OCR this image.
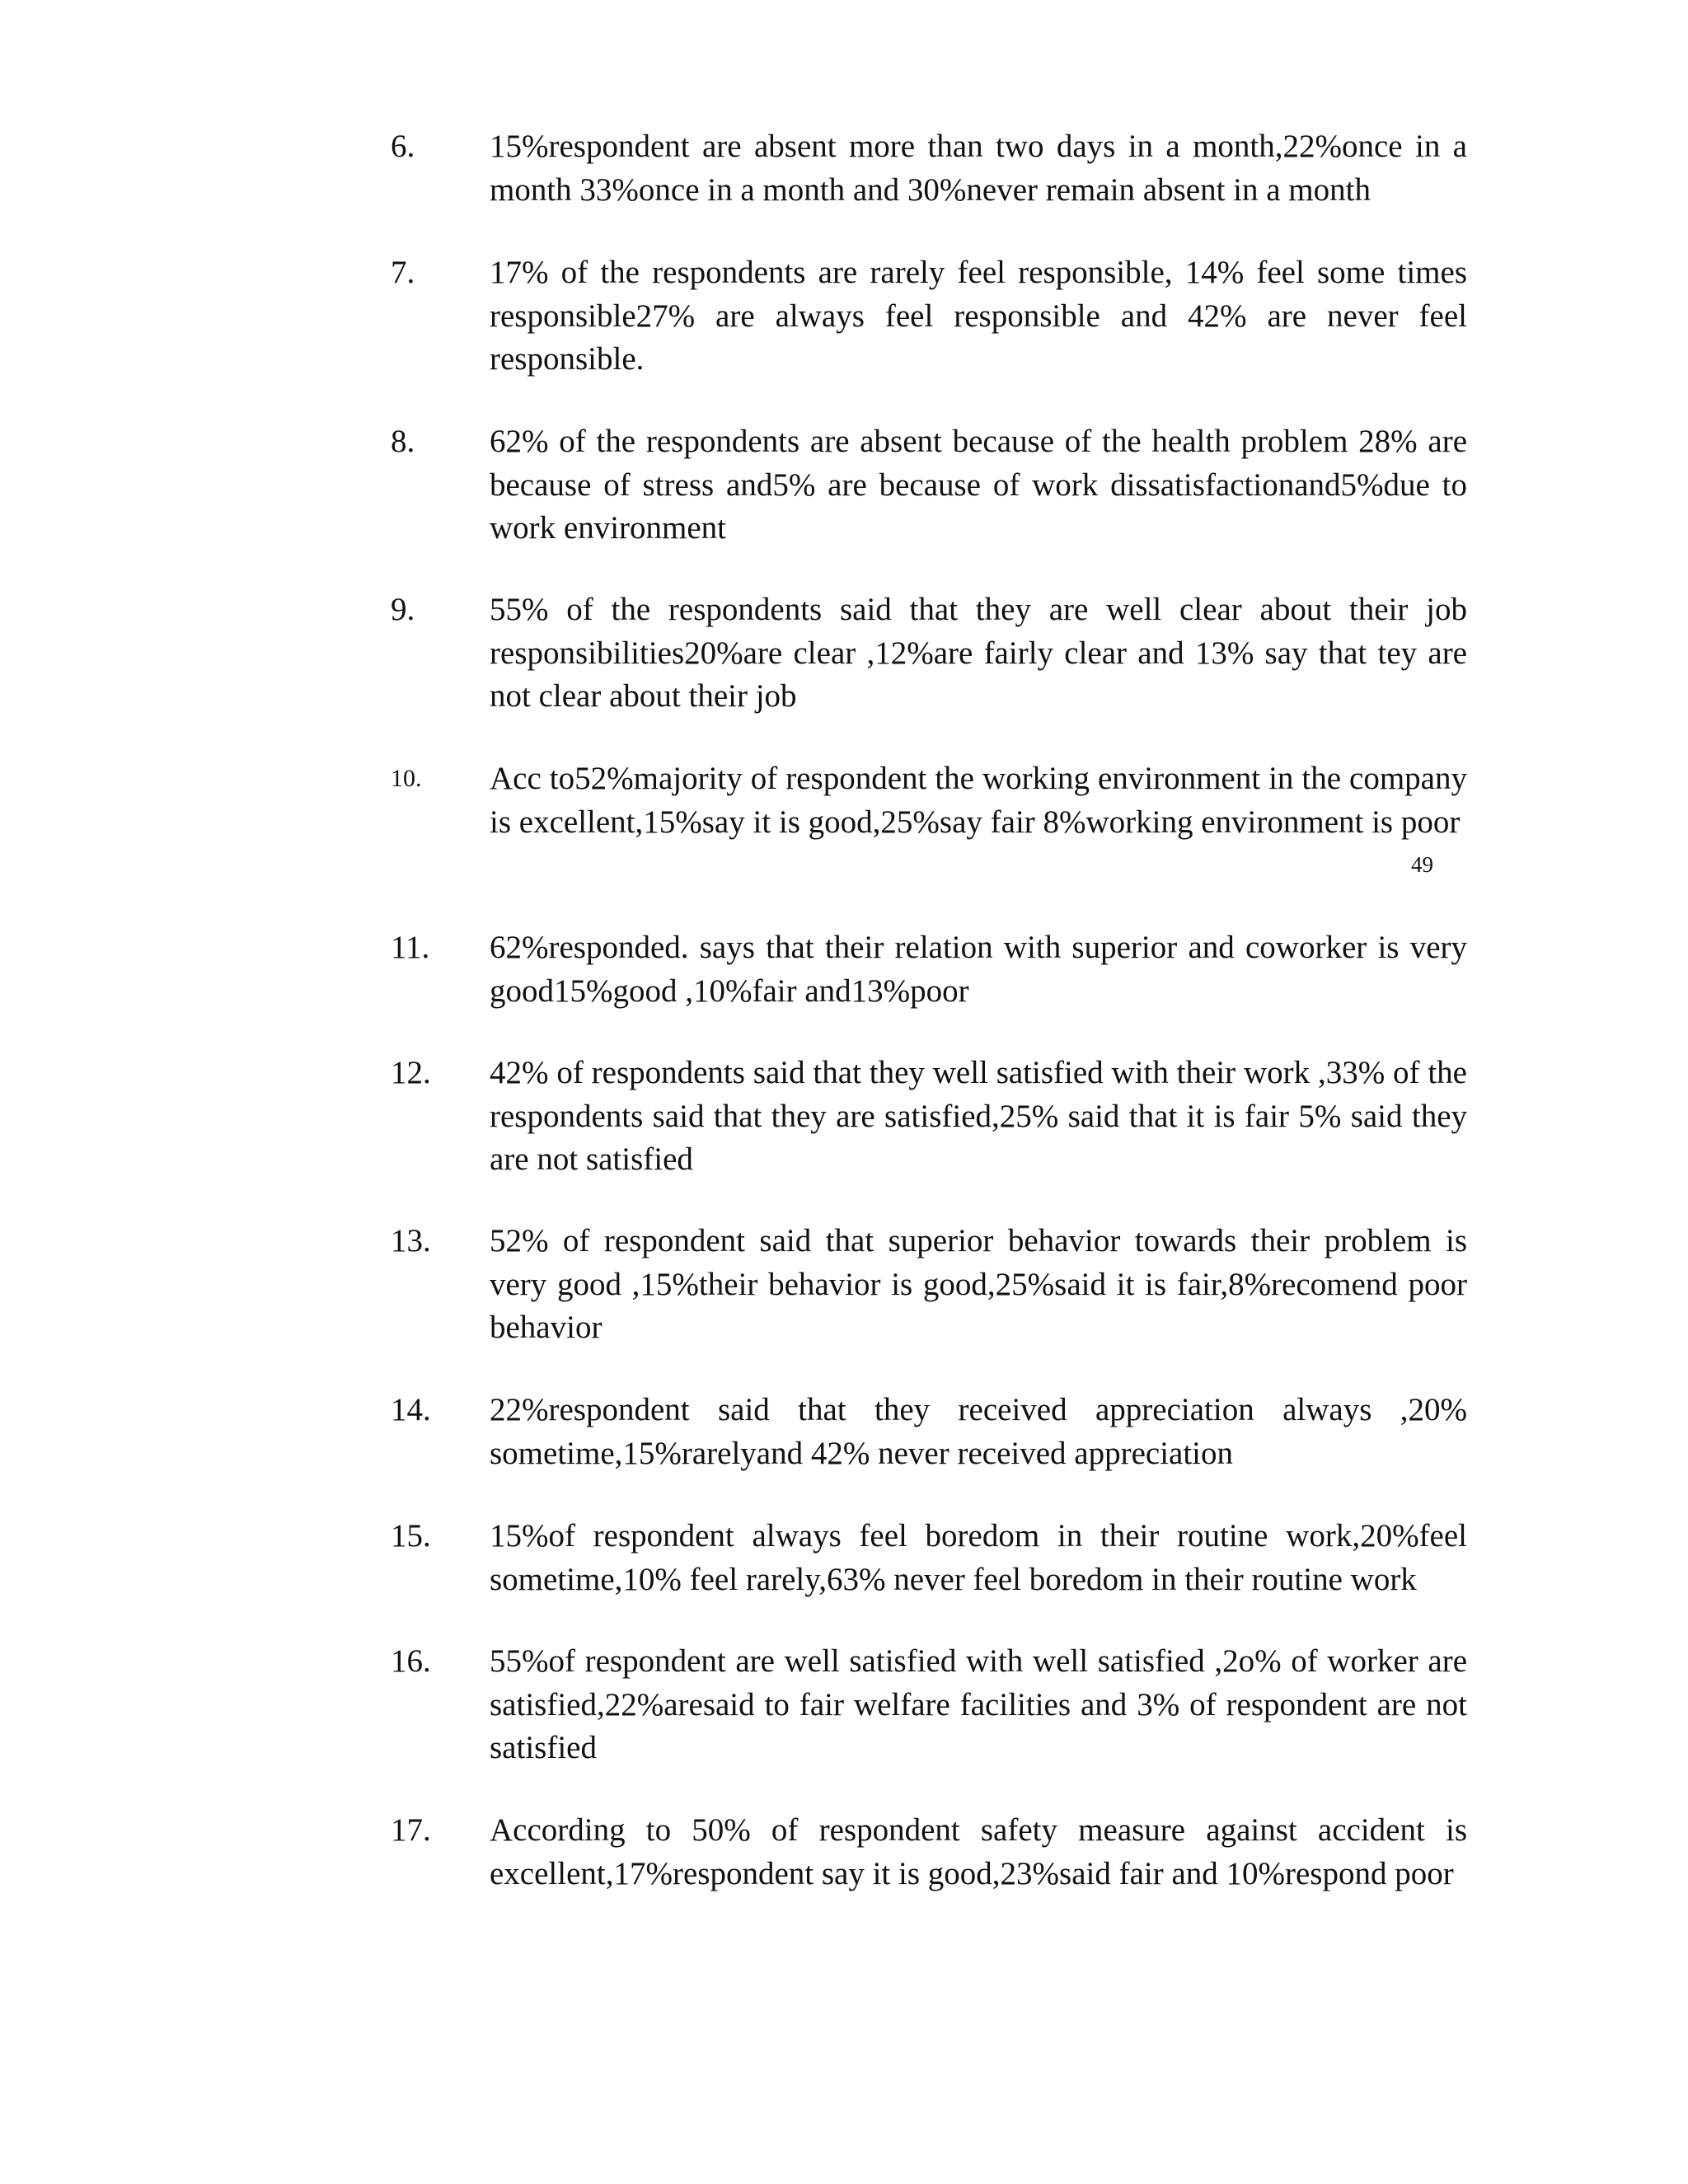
6.	15%respondent are absent more than two days in a month,22%once in a month 33%once in a month and 30%never remain absent in a month
7.	17% of the respondents are rarely feel responsible, 14% feel some times responsible27% are always feel responsible and 42% are never feel responsible.
8.	62% of the respondents are absent because of the health problem 28% are because of stress and5% are because of work dissatisfactionand5%due to work environment
9.	55% of the respondents said that they are well clear about their job responsibilities20%are clear ,12%are fairly clear and 13% say that tey are not clear about their job
10.	Acc to52%majority of respondent the working environment in the company is excellent,15%say it is good,25%say fair 8%working environment is poor
49
11.	62%responded. says that their relation with superior and coworker is very good15%good ,10%fair and13%poor
12.	42% of respondents said that they well satisfied with their work ,33% of the respondents said that they are satisfied,25% said that it is fair 5% said they are not satisfied
13.	52% of respondent said that superior behavior towards their problem is very good ,15%their behavior is good,25%said it is fair,8%recomend poor behavior
14.	22%respondent said that they received appreciation always ,20% sometime,15%rarelyand 42% never received appreciation
15.	15%of respondent always feel boredom in their routine work,20%feel sometime,10% feel rarely,63% never feel boredom in their routine work
16.	55%of respondent are well satisfied with well satisfied ,2o% of worker are satisfied,22%aresaid to fair welfare facilities and 3% of respondent are not satisfied
17.	According to 50% of respondent safety measure against accident is excellent,17%respondent say it is good,23%said fair and 10%respond poor
